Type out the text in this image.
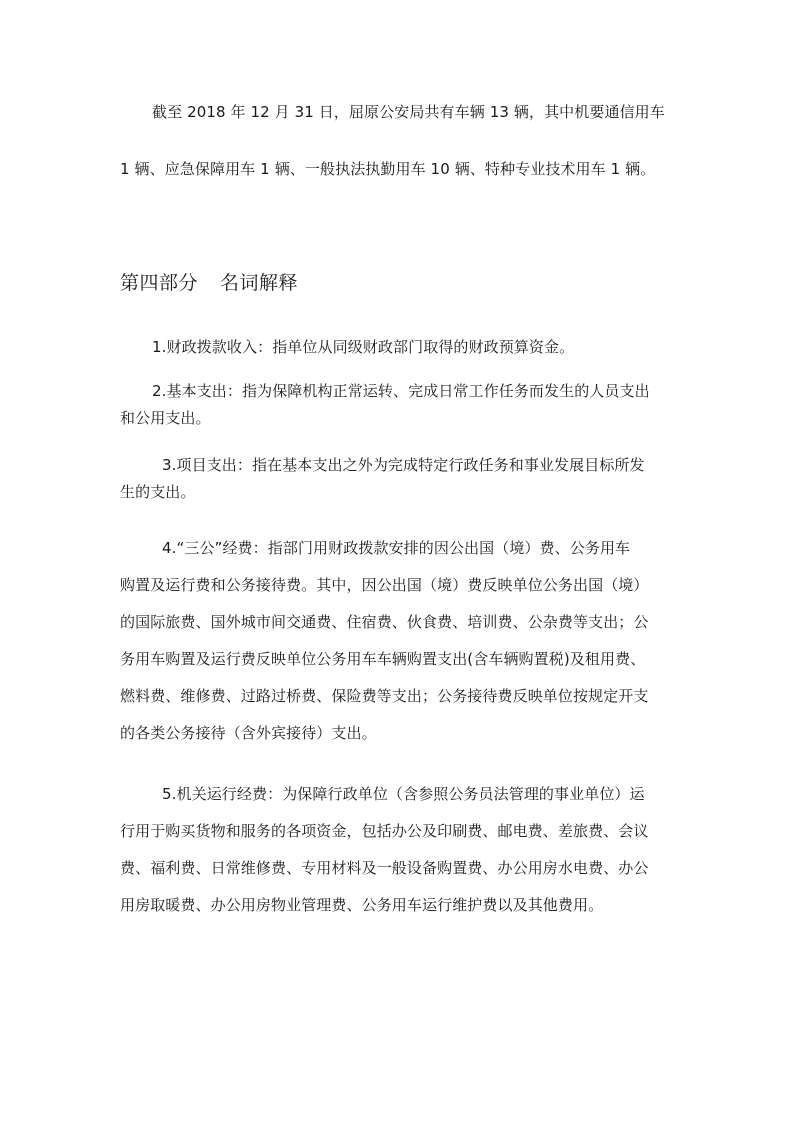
截至 2018 年 12 月 31 日，屈原公安局共有车辆 13 辆，其中机要通信用车
1 辆、应急保障用车 1 辆、一般执法执勤用车 10 辆、特种专业技术用车 1 辆。
第四部分 名词解释
1.财政拨款收入：指单位从同级财政部门取得的财政预算资金。
2.基本支出：指为保障机构正常运转、完成日常工作任务而发生的人员支出
和公用支出。
3.项目支出：指在基本支出之外为完成特定行政任务和事业发展目标所发
生的支出。
4.“三公”经费：指部门用财政拨款安排的因公出国（境）费、公务用车
购置及运行费和公务接待费。其中，因公出国（境）费反映单位公务出国（境）
的国际旅费、国外城市间交通费、住宿费、伙食费、培训费、公杂费等支出；公
务用车购置及运行费反映单位公务用车车辆购置支出(含车辆购置税)及租用费、
燃料费、维修费、过路过桥费、保险费等支出；公务接待费反映单位按规定开支
的各类公务接待（含外宾接待）支出。
5.机关运行经费：为保障行政单位（含参照公务员法管理的事业单位）运
行用于购买货物和服务的各项资金，包括办公及印刷费、邮电费、差旅费、会议
费、福利费、日常维修费、专用材料及一般设备购置费、办公用房水电费、办公
用房取暖费、办公用房物业管理费、公务用车运行维护费以及其他费用。
